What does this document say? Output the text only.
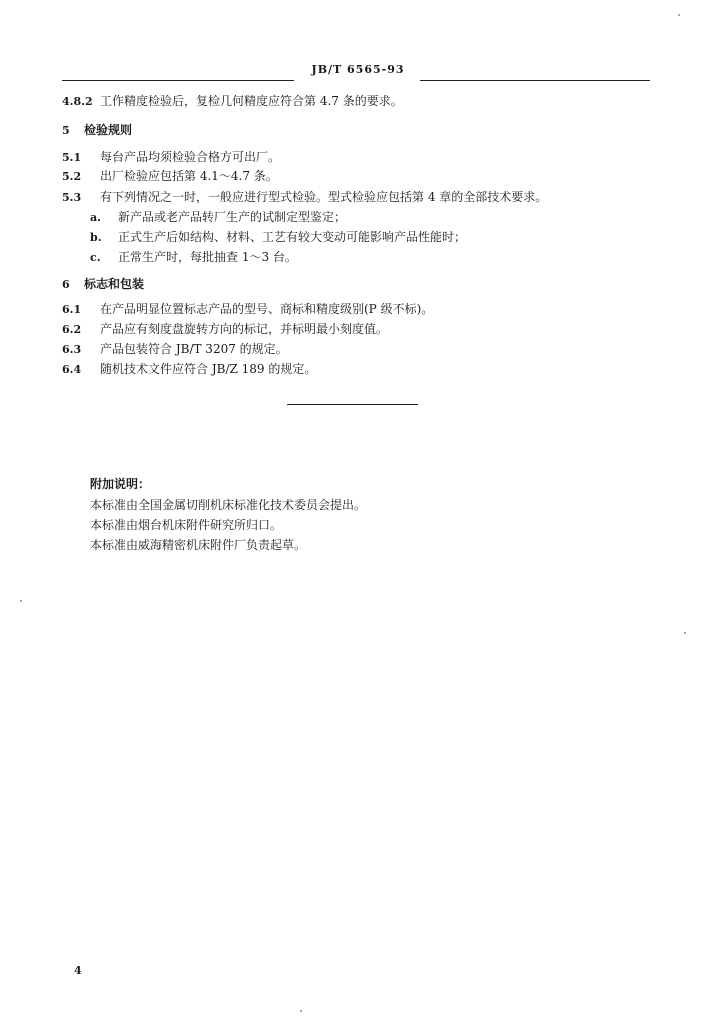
JB/T 6565-93
4.8.2 工作精度检验后，复检几何精度应符合第 4.7 条的要求。
5 检验规则
5.1 每台产品均须检验合格方可出厂。
5.2 出厂检验应包括第 4.1～4.7 条。
5.3 有下列情况之一时，一般应进行型式检验。型式检验应包括第 4 章的全部技术要求。
a. 新产品或老产品转厂生产的试制定型鉴定；
b. 正式生产后如结构、材料、工艺有较大变动可能影响产品性能时；
c. 正常生产时，每批抽查 1～3 台。
6 标志和包装
6.1 在产品明显位置标志产品的型号、商标和精度级别(P 级不标)。
6.2 产品应有刻度盘旋转方向的标记，并标明最小刻度值。
6.3 产品包装符合 JB/T 3207 的规定。
6.4 随机技术文件应符合 JB/Z 189 的规定。
附加说明：
本标准由全国金属切削机床标准化技术委员会提出。
本标准由烟台机床附件研究所归口。
本标准由威海精密机床附件厂负责起草。
4
